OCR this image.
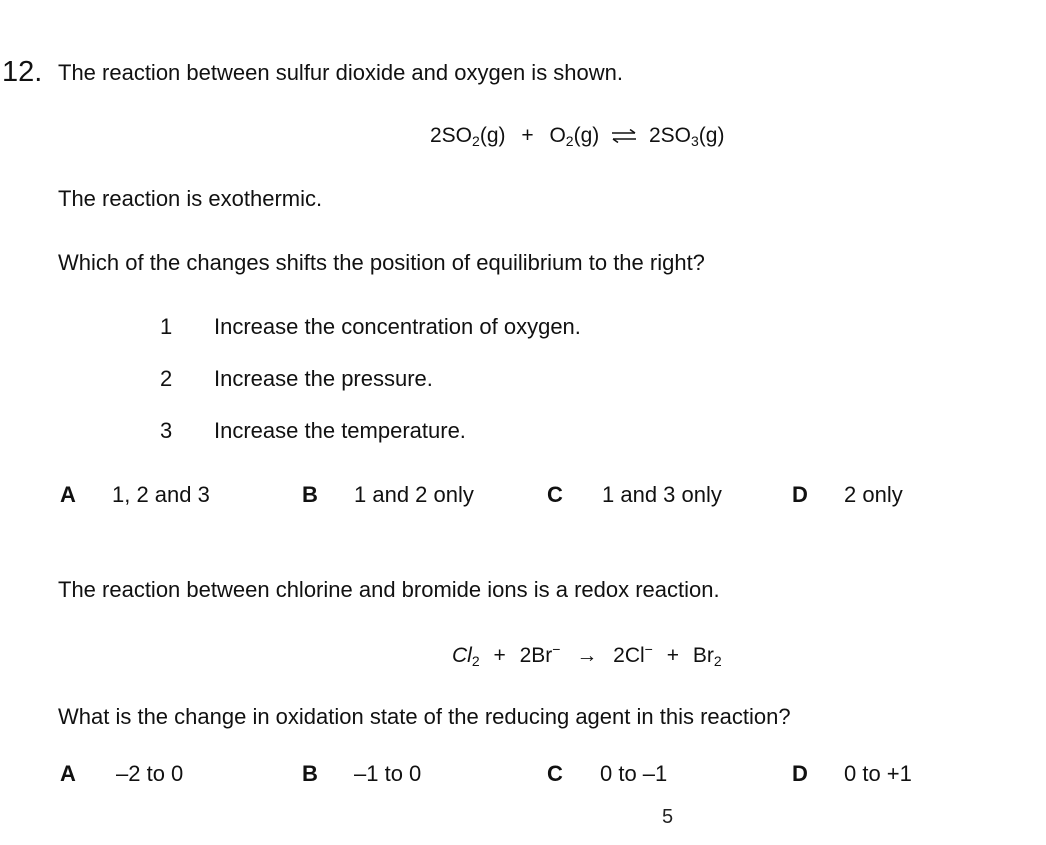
12. The reaction between sulfur dioxide and oxygen is shown.
$2SO_2(g) + O_2(g)$ ⇌ $2SO_3(g)$
The reaction is exothermic.
Which of the changes shifts the position of equilibrium to the right?
1 Increase the concentration of oxygen.
2 Increase the pressure.
3 Increase the temperature.
A 1, 2 and 3	B 1 and 2 only	C 1 and 3 only	D 2 only
The reaction between chlorine and bromide ions is a redox reaction.
$Cl_2 + 2Br^- \to 2Cl^- + Br_2$
What is the change in oxidation state of the reducing agent in this reaction?
A –2 to 0	B –1 to 0	C 0 to –1	D 0 to +1
5
